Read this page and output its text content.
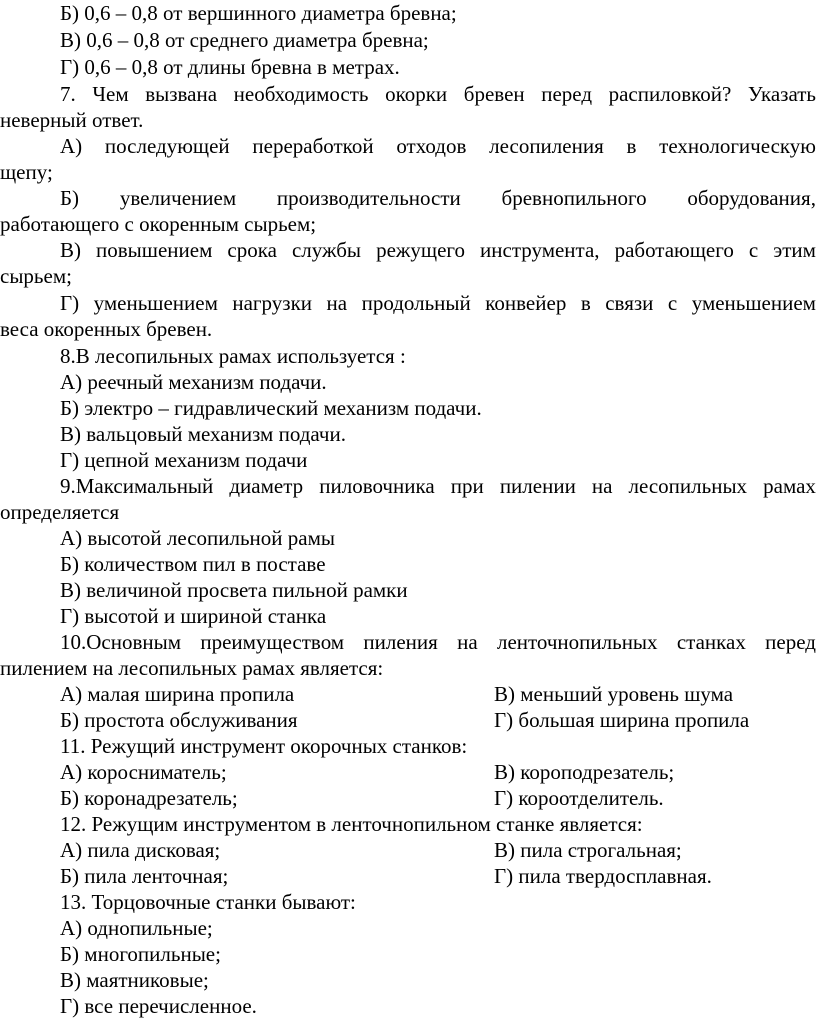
Б) 0,6 – 0,8 от вершинного диаметра бревна;
В) 0,6 – 0,8 от среднего диаметра бревна;
Г) 0,6 – 0,8 от длины бревна в метрах.
7. Чем вызвана необходимость окорки бревен перед распиловкой? Указать
неверный ответ.
А) последующей переработкой отходов лесопиления в технологическую
щепу;
Б) увеличением производительности бревнопильного оборудования,
работающего с окоренным сырьем;
В) повышением срока службы режущего инструмента, работающего с этим
сырьем;
Г) уменьшением нагрузки на продольный конвейер в связи с уменьшением
веса окоренных бревен.
8.В лесопильных рамах используется :
А) реечный механизм подачи.
Б) электро – гидравлический механизм подачи.
В) вальцовый механизм подачи.
Г) цепной механизм подачи
9.Максимальный диаметр пиловочника при пилении на лесопильных рамах
определяется
А) высотой лесопильной рамы
Б) количеством пил в поставе
В) величиной просвета пильной рамки
Г) высотой и шириной станка
10.Основным преимуществом пиления на ленточнопильных станках перед
пилением на лесопильных рамах является:
А) малая ширина пропила	В) меньший уровень шума
Б) простота обслуживания	Г) большая ширина пропила
11. Режущий инструмент окорочных станков:
А) коросниматель;	В) короподрезатель;
Б) коронадрезатель;	Г) короотделитель.
12. Режущим инструментом в ленточнопильном станке является:
А) пила дисковая;	В) пила строгальная;
Б) пила ленточная;	Г) пила твердосплавная.
13. Торцовочные станки бывают:
А) однопильные;
Б) многопильные;
В) маятниковые;
Г) все перечисленное.
